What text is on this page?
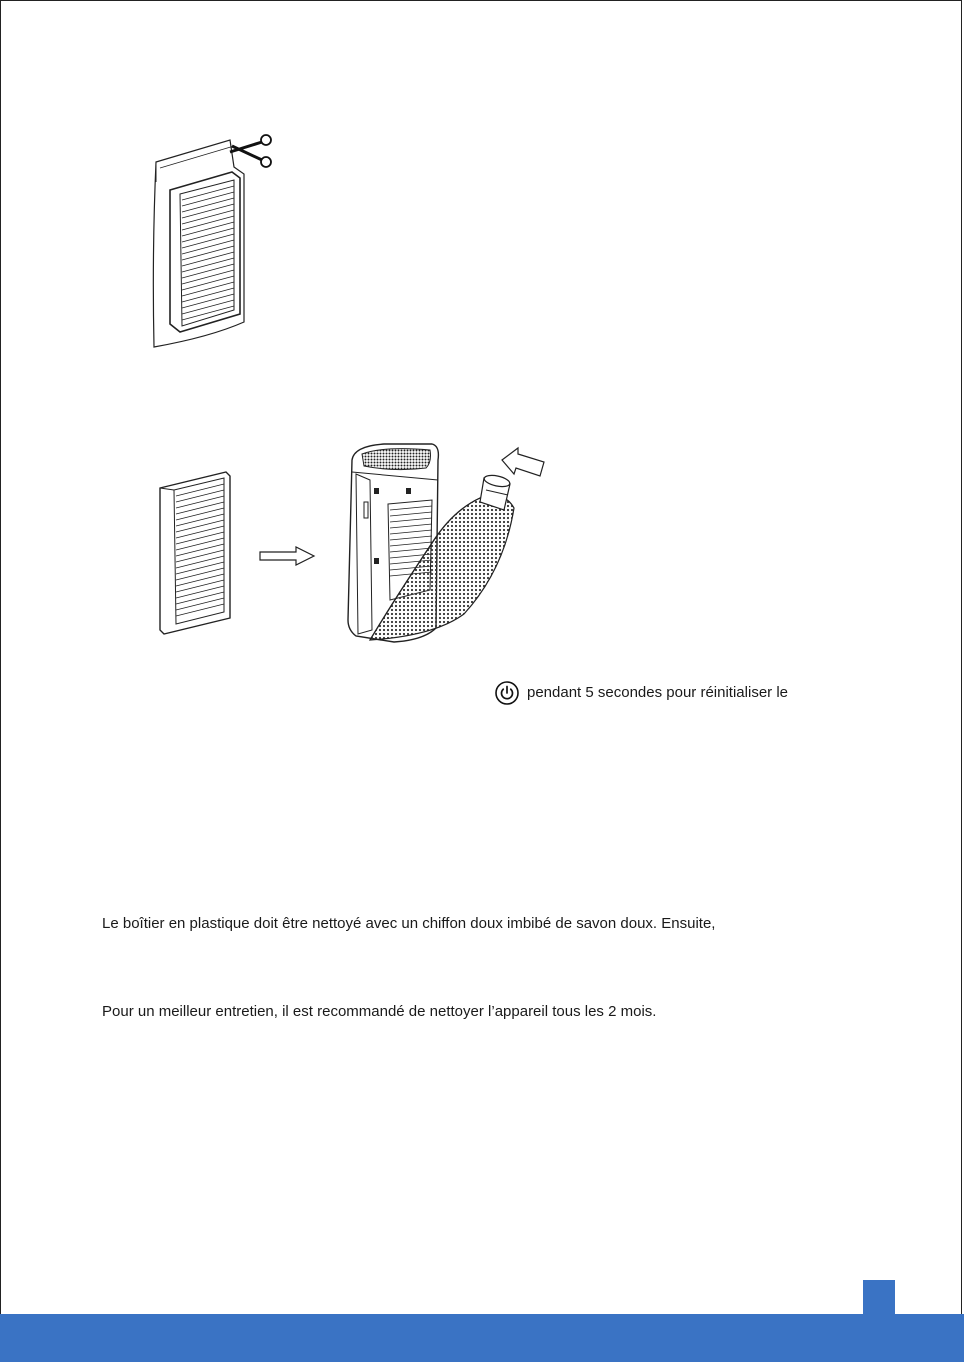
pendant 5 secondes pour réinitialiser le
Le boîtier en plastique doit être nettoyé avec un chiffon doux imbibé de savon doux. Ensuite,
Pour un meilleur entretien, il est recommandé de nettoyer l’appareil tous les 2 mois.
